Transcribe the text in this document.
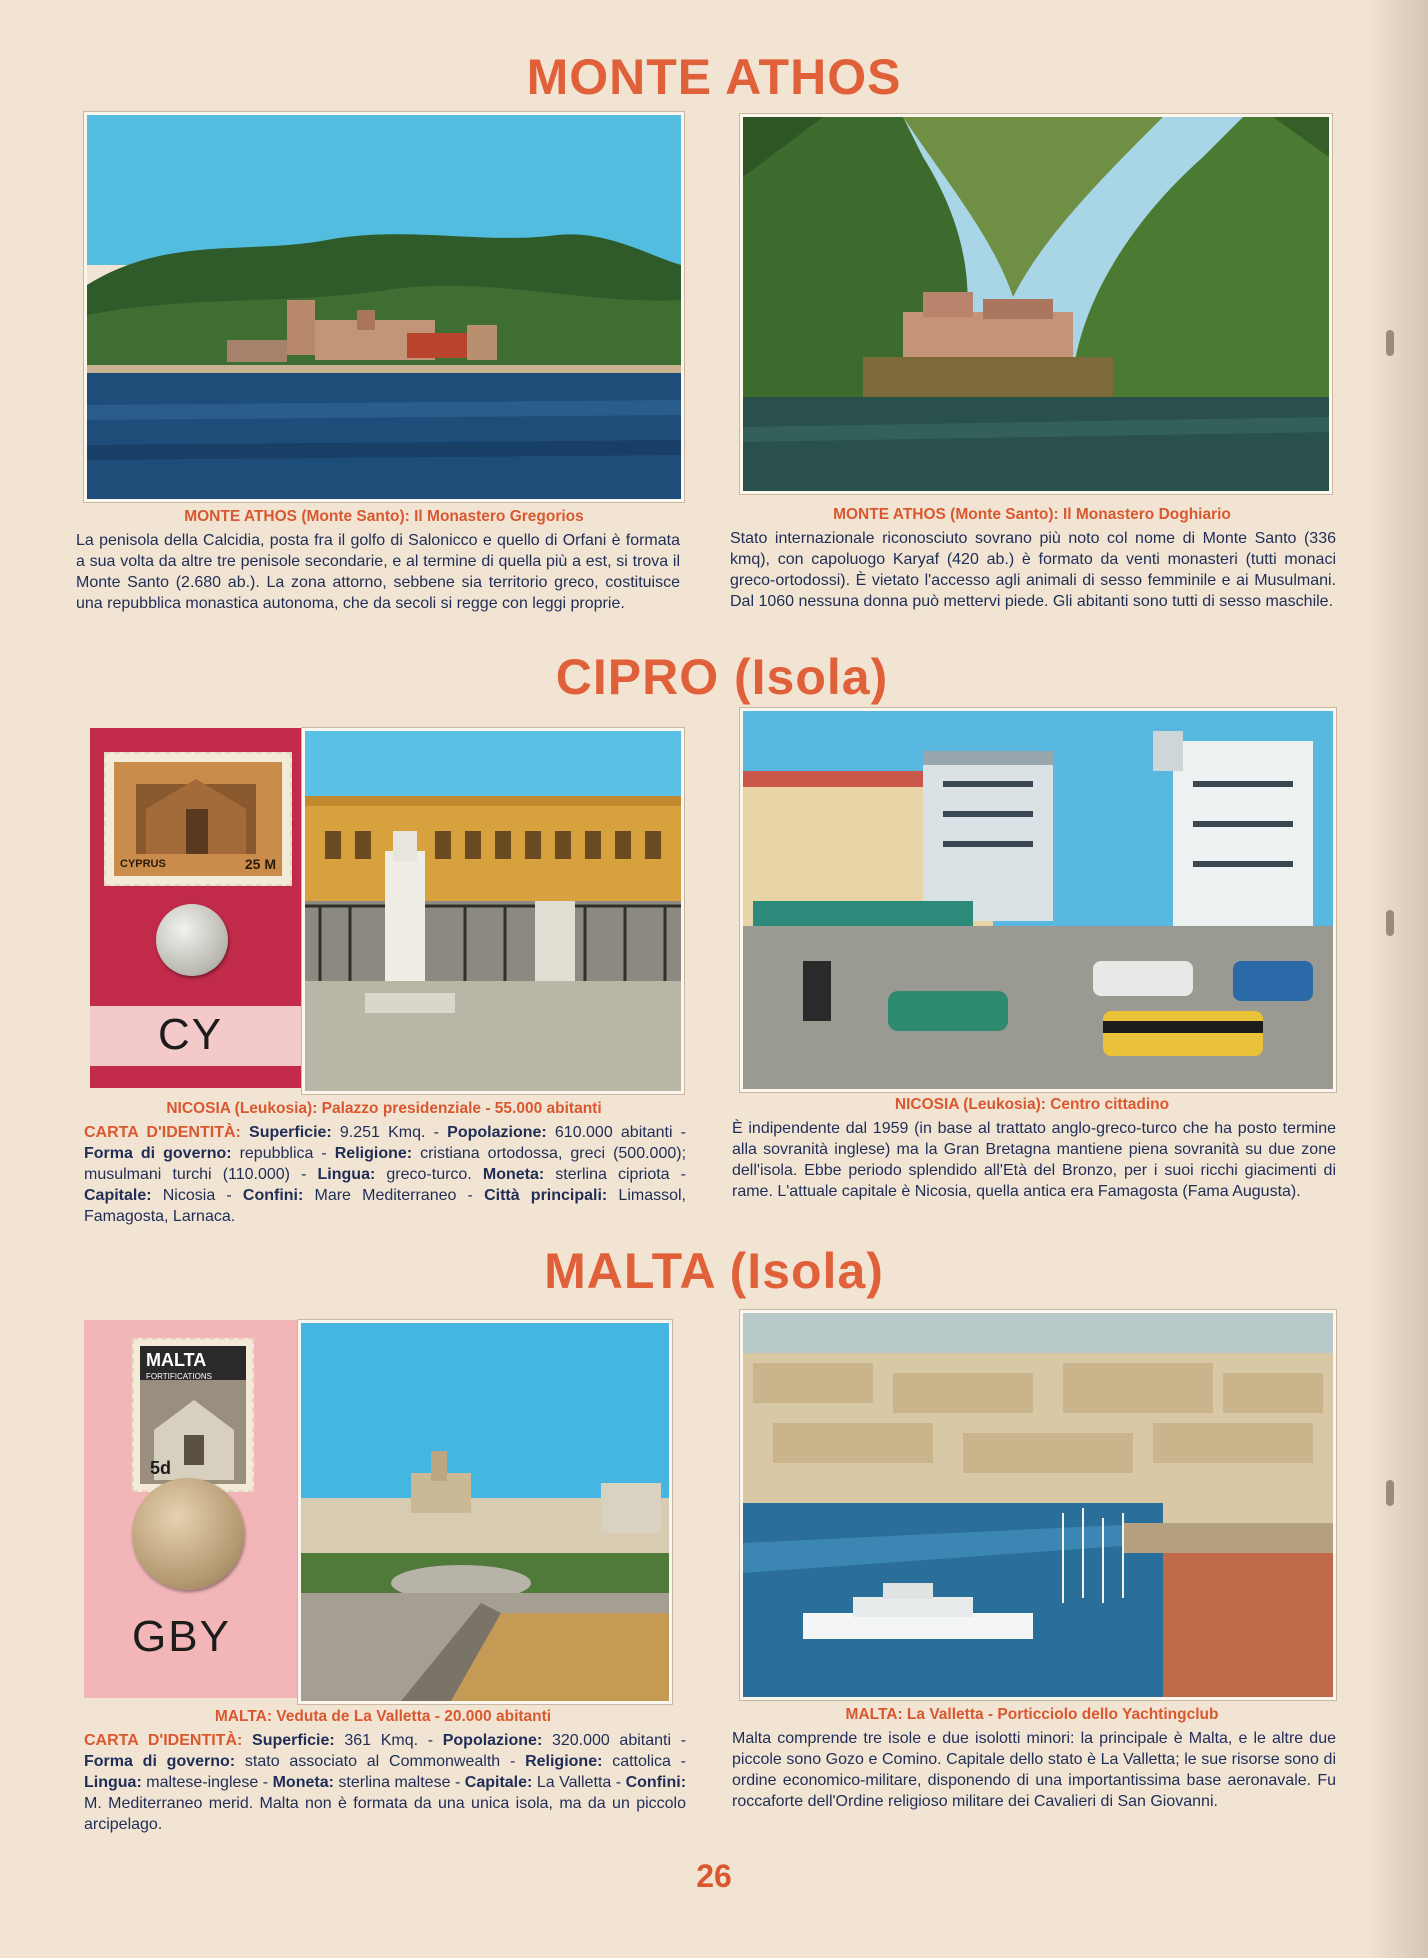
MONTE ATHOS

MONTE ATHOS (Monte Santo): Il Monastero Gregorios

La penisola della Calcidia, posta fra il golfo di Salonicco e quello di Orfani è formata a sua volta da altre tre penisole secondarie, e al termine di quella più a est, si trova il Monte Santo (2.680 ab.). La zona attorno, sebbene sia territorio greco, costituisce una repubblica monastica autonoma, che da secoli si regge con leggi proprie.

MONTE ATHOS (Monte Santo): Il Monastero Doghiario

Stato internazionale riconosciuto sovrano più noto col nome di Monte Santo (336 kmq), con capoluogo Karyaf (420 ab.) è formato da venti monasteri (tutti monaci greco-ortodossi). È vietato l'accesso agli animali di sesso femminile e ai Musulmani. Dal 1060 nessuna donna può mettervi piede. Gli abitanti sono tutti di sesso maschile.

CIPRO (Isola)
CYPRUS	25 M
CY

NICOSIA (Leukosia): Palazzo presidenziale - 55.000 abitanti

CARTA D'IDENTITÀ: Superficie: 9.251 Kmq. - Popolazione: 610.000 abitanti - Forma di governo: repubblica - Religione: cristiana ortodossa, greci (500.000); musulmani turchi (110.000) - Lingua: greco-turco. Moneta: sterlina cipriota - Capitale: Nicosia - Confini: Mare Mediterraneo - Città principali: Limassol, Famagosta, Larnaca.

NICOSIA (Leukosia): Centro cittadino

È indipendente dal 1959 (in base al trattato anglo-greco-turco che ha posto termine alla sovranità inglese) ma la Gran Bretagna mantiene piena sovranità su due zone dell'isola. Ebbe periodo splendido all'Età del Bronzo, per i suoi ricchi giacimenti di rame. L'attuale capitale è Nicosia, quella antica era Famagosta (Fama Augusta).

MALTA (Isola)
MALTA
FORTIFICATIONS
5d
GBY

MALTA: Veduta de La Valletta - 20.000 abitanti

CARTA D'IDENTITÀ: Superficie: 361 Kmq. - Popolazione: 320.000 abitanti - Forma di governo: stato associato al Commonwealth - Religione: cattolica - Lingua: maltese-inglese - Moneta: sterlina maltese - Capitale: La Valletta - Confini: M. Mediterraneo merid. Malta non è formata da una unica isola, ma da un piccolo arcipelago.

MALTA: La Valletta - Porticciolo dello Yachtingclub

Malta comprende tre isole e due isolotti minori: la principale è Malta, e le altre due piccole sono Gozo e Comino. Capitale dello stato è La Valletta; le sue risorse sono di ordine economico-militare, disponendo di una importantissima base aeronavale. Fu roccaforte dell'Ordine religioso militare dei Cavalieri di San Giovanni.

26
